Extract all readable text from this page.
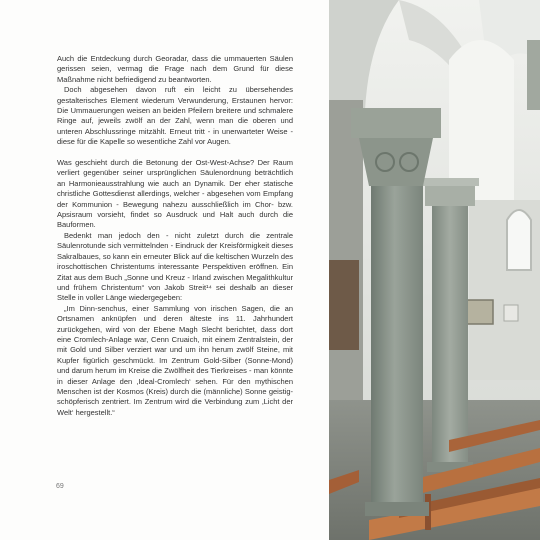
Auch die Entdeckung durch Georadar, dass die ummauerten Säulen gerissen seien, vermag die Frage nach dem Grund für diese Maßnahme nicht befriedigend zu beantworten.

Doch abgesehen davon ruft ein leicht zu übersehendes gestalterisches Element wiederum Verwunderung, Erstaunen hervor: Die Ummauerungen weisen an beiden Pfeilern breitere und schmalere Ringe auf, jeweils zwölf an der Zahl, wenn man die oberen und unteren Abschlussringe mitzählt. Erneut tritt - in unerwarteter Weise - diese für die Kapelle so wesentliche Zahl vor Augen.

Was geschieht durch die Betonung der Ost-West-Achse? Der Raum verliert gegenüber seiner ursprünglichen Säulenordnung beträchtlich an Harmonieausstrahlung wie auch an Dynamik. Der eher statische christliche Gottesdienst allerdings, welcher - abgesehen vom Empfang der Kommunion - Bewegung nahezu ausschließlich im Chor- bzw. Apsisraum vorsieht, findet so Ausdruck und Halt auch durch die Bauformen.

Bedenkt man jedoch den - nicht zuletzt durch die zentrale Säulenrotunde sich vermittelnden - Eindruck der Kreisförmigkeit dieses Sakralbaues, so kann ein erneuter Blick auf die keltischen Wurzeln des iroschottischen Christentums interessante Perspektiven eröffnen. Ein Zitat aus dem Buch „Sonne und Kreuz - Irland zwischen Megalithkultur und frühem Christentum“ von Jakob Streit¹⁴ sei deshalb an dieser Stelle in voller Länge wiedergegeben:

„Im Dinn-senchus, einer Sammlung von irischen Sagen, die an Ortsnamen anknüpfen und deren älteste ins 11. Jahrhundert zurückgehen, wird von der Ebene Magh Slecht berichtet, dass dort eine Cromlech-Anlage war, Cenn Cruaich, mit einem Zentralstein, der mit Gold und Silber verziert war und um ihn herum zwölf Steine, mit Kupfer figürlich geschmückt. Im Zentrum Gold-Silber (Sonne-Mond) und darum herum im Kreise die Zwölfheit des Tierkreises - man könnte in dieser Anlage den ‚Ideal-Cromlech‘ sehen. Für den mythischen Menschen ist der Kosmos (Kreis) durch die (männliche) Sonne geistig-schöpferisch zentriert. Im Zentrum wird die Verbindung zum ‚Licht der Welt‘ hergestellt.“

69
